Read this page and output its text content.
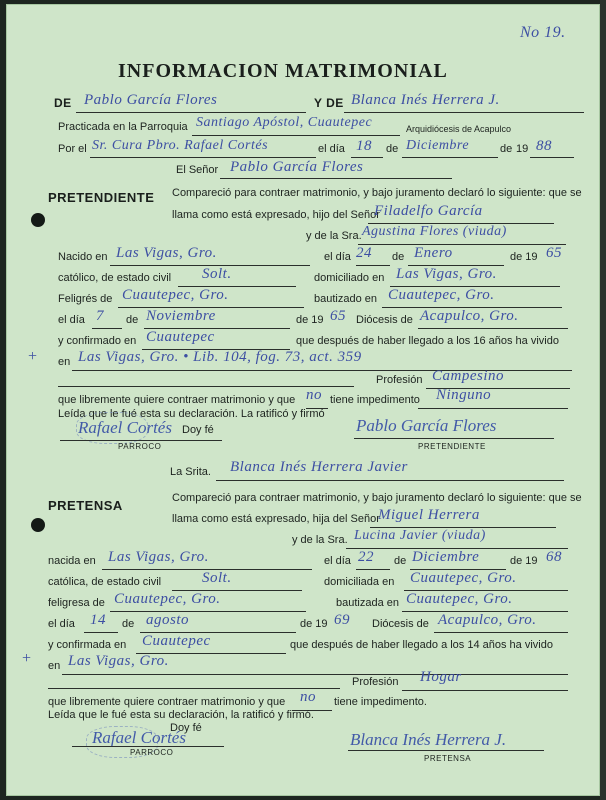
No 19.
INFORMACION MATRIMONIAL
DE Pablo García Flores	Y DE Blanca Inés Herrera J.
Practicada en la Parroquia Santiago Apóstol, Cuautepec	Arquidiócesis de Acapulco
Por el Sr. Cura Pbro. Rafael Cortés	el día 18 de Diciembre	de 19 88
El Señor Pablo García Flores
PRETENDIENTE Compareció para contraer matrimonio, y bajo juramento declaró lo siguiente: que se
llama como está expresado, hijo del Señor
Filadelfo García
y de la Sra. Agustina Flores (viuda)
Nacido en Las Vigas, Gro.	el día 24 de Enero	de 19 65
católico, de estado civil Solt.	domiciliado en Las Vigas, Gro.
Feligrés de Cuautepec, Gro.	bautizado en Cuautepec, Gro.
el día 7 de Noviembre	de 19 65 Diócesis de Acapulco, Gro.
y confirmado en Cuautepec	que después de haber llegado a los 16 años ha vivido
+ en Las Vigas, Gro. • Lib. 104, fog. 73, act. 359
Profesión Campesino
que libremente quiere contraer matrimonio y que no tiene impedimento Ninguno
Leída que le fué esta su declaración. La ratificó y firmó
Doy fé
Rafael Cortés
PARROCO
Pablo García Flores
PRETENDIENTE
La Srita. Blanca Inés Herrera Javier
PRETENSA	Compareció para contraer matrimonio, y bajo juramento declaró lo siguiente: que se
llama como está expresado, hija del Señor
Miguel Herrera
y de la Sra. Lucina Javier (viuda)
nacida en Las Vigas, Gro.	el día 22 de Diciembre	de 19 68
católica, de estado civil	Solt.	domiciliada en Cuautepec, Gro.
feligresa de Cuautepec, Gro.	bautizada en Cuautepec, Gro.
el día 14 de agosto	de 19 69 Diócesis de Acapulco, Gro.
y confirmada en Cuautepec	que después de haber llegado a los 14 años ha vivido
+ en Las Vigas, Gro.
Profesión Hogar
que libremente quiere contraer matrimonio y que no tiene impedimento.
Leída que le fué esta su declaración, la ratificó y firmó.
Doy fé
Rafael Cortés
PARROCO
Blanca Inés Herrera J.
PRETENSA
